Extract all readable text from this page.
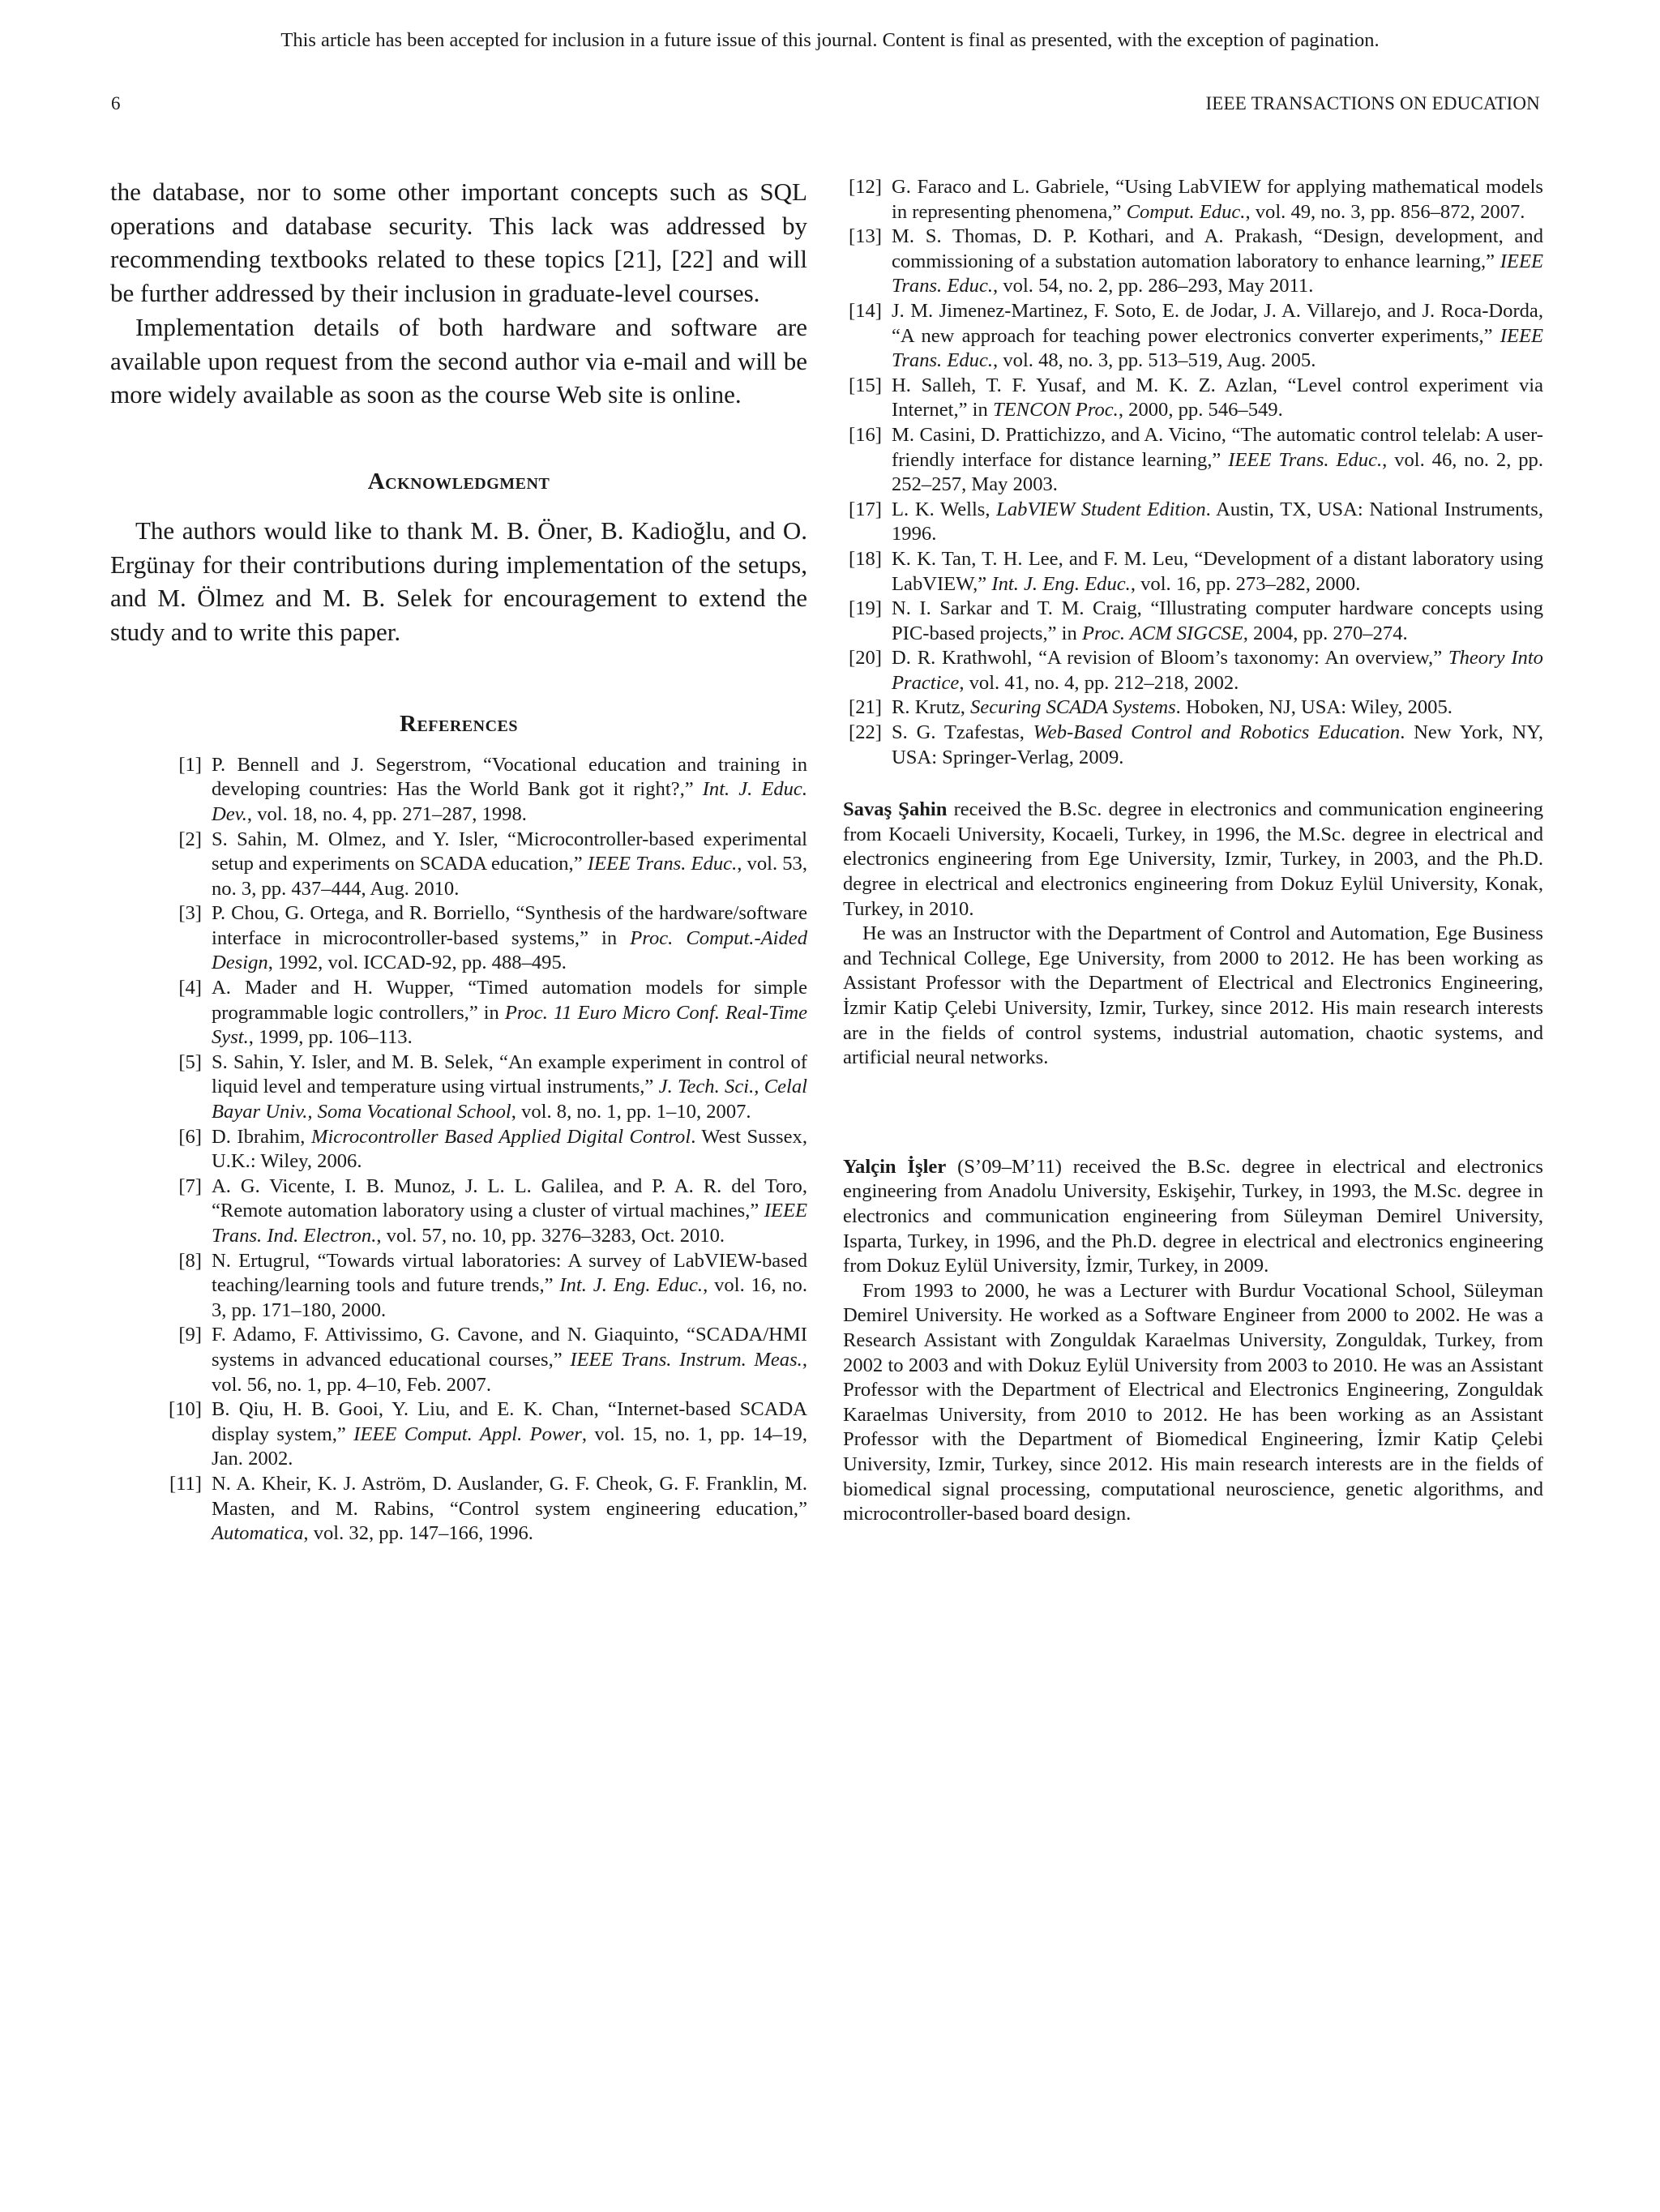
This article has been accepted for inclusion in a future issue of this journal. Content is final as presented, with the exception of pagination.
6	IEEE TRANSACTIONS ON EDUCATION

the database, nor to some other important concepts such as SQL operations and database security. This lack was addressed by recommending textbooks related to these topics [21], [22] and will be further addressed by their inclusion in graduate-level courses.

Implementation details of both hardware and software are available upon request from the second author via e-mail and will be more widely available as soon as the course Web site is online.

Acknowledgment

The authors would like to thank M. B. Öner, B. Kadioğlu, and O. Ergünay for their contributions during implementation of the setups, and M. Ölmez and M. B. Selek for encouragement to extend the study and to write this paper.

References
[1] P. Bennell and J. Segerstrom, “Vocational education and training in developing countries: Has the World Bank got it right?,” Int. J. Educ. Dev., vol. 18, no. 4, pp. 271–287, 1998.
[2] S. Sahin, M. Olmez, and Y. Isler, “Microcontroller-based experimental setup and experiments on SCADA education,” IEEE Trans. Educ., vol. 53, no. 3, pp. 437–444, Aug. 2010.
[3] P. Chou, G. Ortega, and R. Borriello, “Synthesis of the hardware/software interface in microcontroller-based systems,” in Proc. Comput.-Aided Design, 1992, vol. ICCAD-92, pp. 488–495.
[4] A. Mader and H. Wupper, “Timed automation models for simple programmable logic controllers,” in Proc. 11 Euro Micro Conf. Real-Time Syst., 1999, pp. 106–113.
[5] S. Sahin, Y. Isler, and M. B. Selek, “An example experiment in control of liquid level and temperature using virtual instruments,” J. Tech. Sci., Celal Bayar Univ., Soma Vocational School, vol. 8, no. 1, pp. 1–10, 2007.
[6] D. Ibrahim, Microcontroller Based Applied Digital Control. West Sussex, U.K.: Wiley, 2006.
[7] A. G. Vicente, I. B. Munoz, J. L. L. Galilea, and P. A. R. del Toro, “Remote automation laboratory using a cluster of virtual machines,” IEEE Trans. Ind. Electron., vol. 57, no. 10, pp. 3276–3283, Oct. 2010.
[8] N. Ertugrul, “Towards virtual laboratories: A survey of LabVIEW-based teaching/learning tools and future trends,” Int. J. Eng. Educ., vol. 16, no. 3, pp. 171–180, 2000.
[9] F. Adamo, F. Attivissimo, G. Cavone, and N. Giaquinto, “SCADA/HMI systems in advanced educational courses,” IEEE Trans. Instrum. Meas., vol. 56, no. 1, pp. 4–10, Feb. 2007.
[10] B. Qiu, H. B. Gooi, Y. Liu, and E. K. Chan, “Internet-based SCADA display system,” IEEE Comput. Appl. Power, vol. 15, no. 1, pp. 14–19, Jan. 2002.
[11] N. A. Kheir, K. J. Aström, D. Auslander, G. F. Cheok, G. F. Franklin, M. Masten, and M. Rabins, “Control system engineering education,” Automatica, vol. 32, pp. 147–166, 1996.
[12] G. Faraco and L. Gabriele, “Using LabVIEW for applying mathematical models in representing phenomena,” Comput. Educ., vol. 49, no. 3, pp. 856–872, 2007.
[13] M. S. Thomas, D. P. Kothari, and A. Prakash, “Design, development, and commissioning of a substation automation laboratory to enhance learning,” IEEE Trans. Educ., vol. 54, no. 2, pp. 286–293, May 2011.
[14] J. M. Jimenez-Martinez, F. Soto, E. de Jodar, J. A. Villarejo, and J. Roca-Dorda, “A new approach for teaching power electronics converter experiments,” IEEE Trans. Educ., vol. 48, no. 3, pp. 513–519, Aug. 2005.
[15] H. Salleh, T. F. Yusaf, and M. K. Z. Azlan, “Level control experiment via Internet,” in TENCON Proc., 2000, pp. 546–549.
[16] M. Casini, D. Prattichizzo, and A. Vicino, “The automatic control telelab: A user-friendly interface for distance learning,” IEEE Trans. Educ., vol. 46, no. 2, pp. 252–257, May 2003.
[17] L. K. Wells, LabVIEW Student Edition. Austin, TX, USA: National Instruments, 1996.
[18] K. K. Tan, T. H. Lee, and F. M. Leu, “Development of a distant laboratory using LabVIEW,” Int. J. Eng. Educ., vol. 16, pp. 273–282, 2000.
[19] N. I. Sarkar and T. M. Craig, “Illustrating computer hardware concepts using PIC-based projects,” in Proc. ACM SIGCSE, 2004, pp. 270–274.
[20] D. R. Krathwohl, “A revision of Bloom’s taxonomy: An overview,” Theory Into Practice, vol. 41, no. 4, pp. 212–218, 2002.
[21] R. Krutz, Securing SCADA Systems. Hoboken, NJ, USA: Wiley, 2005.
[22] S. G. Tzafestas, Web-Based Control and Robotics Education. New York, NY, USA: Springer-Verlag, 2009.

Savaş Şahin received the B.Sc. degree in electronics and communication engineering from Kocaeli University, Kocaeli, Turkey, in 1996, the M.Sc. degree in electrical and electronics engineering from Ege University, Izmir, Turkey, in 2003, and the Ph.D. degree in electrical and electronics engineering from Dokuz Eylül University, Konak, Turkey, in 2010.

He was an Instructor with the Department of Control and Automation, Ege Business and Technical College, Ege University, from 2000 to 2012. He has been working as Assistant Professor with the Department of Electrical and Electronics Engineering, İzmir Katip Çelebi University, Izmir, Turkey, since 2012. His main research interests are in the fields of control systems, industrial automation, chaotic systems, and artificial neural networks.

Yalçin İşler (S’09–M’11) received the B.Sc. degree in electrical and electronics engineering from Anadolu University, Eskişehir, Turkey, in 1993, the M.Sc. degree in electronics and communication engineering from Süleyman Demirel University, Isparta, Turkey, in 1996, and the Ph.D. degree in electrical and electronics engineering from Dokuz Eylül University, İzmir, Turkey, in 2009.

From 1993 to 2000, he was a Lecturer with Burdur Vocational School, Süleyman Demirel University. He worked as a Software Engineer from 2000 to 2002. He was a Research Assistant with Zonguldak Karaelmas University, Zonguldak, Turkey, from 2002 to 2003 and with Dokuz Eylül University from 2003 to 2010. He was an Assistant Professor with the Department of Electrical and Electronics Engineering, Zonguldak Karaelmas University, from 2010 to 2012. He has been working as an Assistant Professor with the Department of Biomedical Engineering, İzmir Katip Çelebi University, Izmir, Turkey, since 2012. His main research interests are in the fields of biomedical signal processing, computational neuroscience, genetic algorithms, and microcontroller-based board design.
